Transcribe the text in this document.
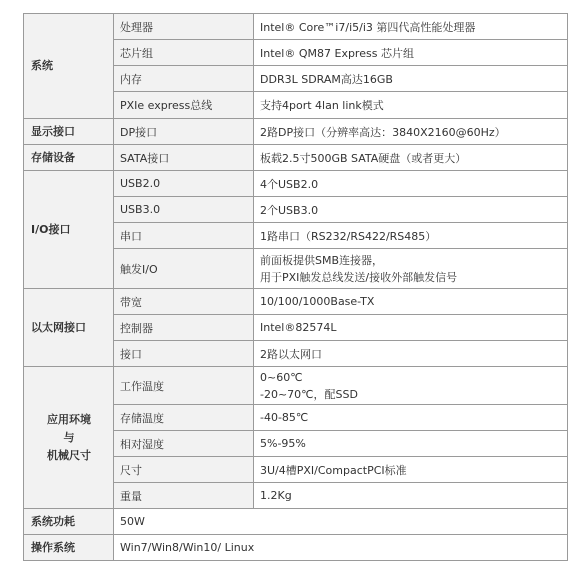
系统	处理器	Intel® Core™i7/i5/i3 第四代高性能处理器
	芯片组	Intel® QM87 Express 芯片组
	内存	DDR3L SDRAM高达16GB
	PXIe express总线	支持4port 4lan link模式
显示接口	DP接口	2路DP接口（分辨率高达：3840X2160@60Hz）
存储设备	SATA接口	板载2.5寸500GB SATA硬盘（或者更大）
I/O接口	USB2.0	4个USB2.0
	USB3.0	2个USB3.0
	串口	1路串口（RS232/RS422/RS485）
	触发I/O	前面板提供SMB连接器，
用于PXI触发总线发送/接收外部触发信号

以太网接口	带宽	10/100/1000Base-TX
	控制器	Intel®82574L
	接口	2路以太网口

应用环境
与
机械尺寸	工作温度	0~60℃
-20~70℃，配SSD

	存储温度	-40-85℃
	相对湿度	5%-95%
	尺寸	3U/4槽PXI/CompactPCI标准
	重量	1.2Kg
系统功耗	50W	
操作系统	Win7/Win8/Win10/ Linux	
